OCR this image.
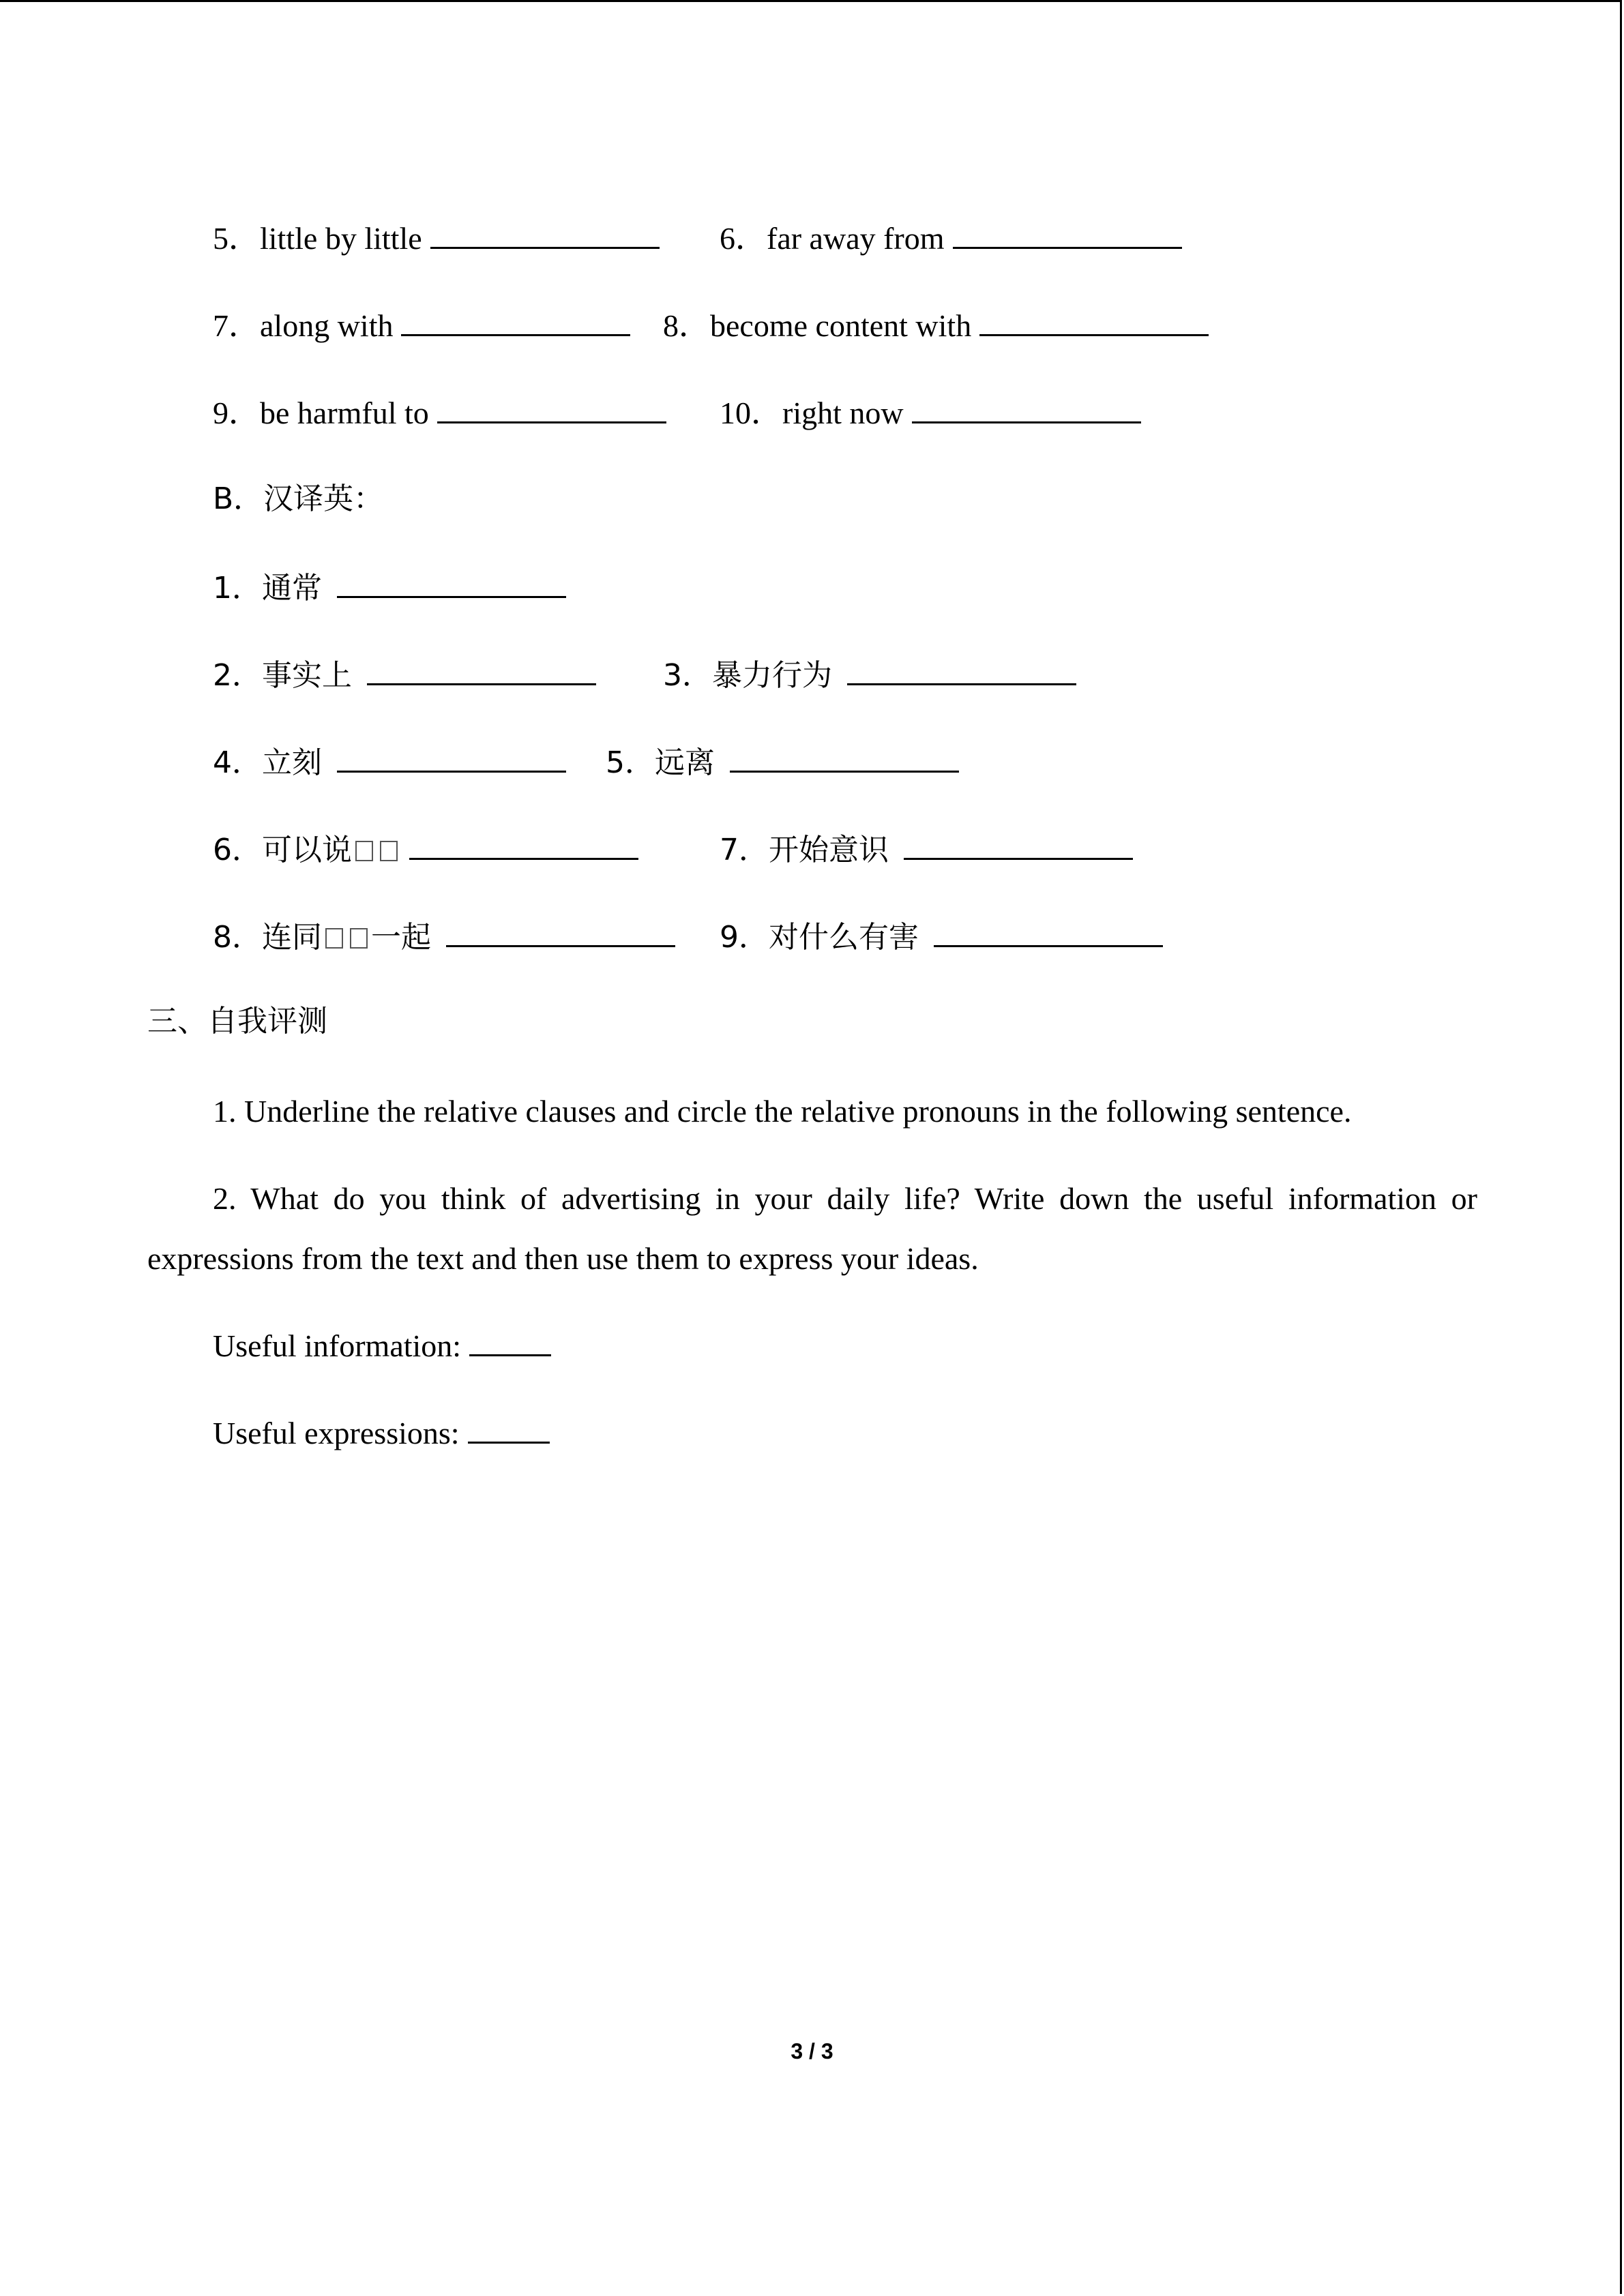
5．little by little	6．far away from
7．along with	8．become content with
9．be harmful to	10．right now
B．汉译英：
1．通常
2．事实上	3．暴力行为
4．立刻	5．远离
6．可以说	7．开始意识
8．连同 一起	9．对什么有害
三、自我评测
1. Underline the relative clauses and circle the relative pronouns in the following sentence.
2. What do you think of advertising in your daily life? Write down the useful information or expressions from the text and then use them to express your ideas.
Useful information:
Useful expressions:
3 / 3
